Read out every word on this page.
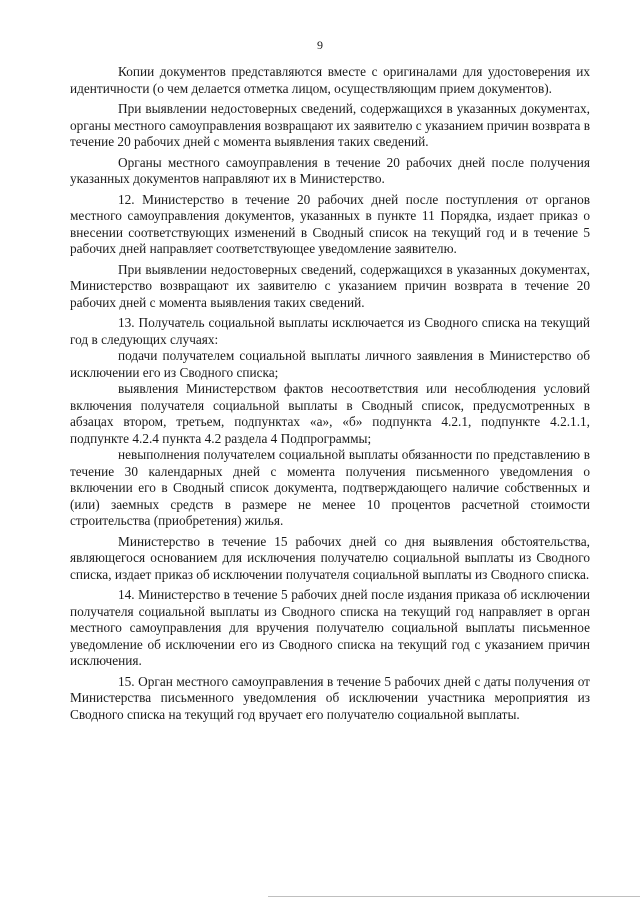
9

Копии документов представляются вместе с оригиналами для удостоверения их идентичности (о чем делается отметка лицом, осуществляющим прием документов).

При выявлении недостоверных сведений, содержащихся в указанных документах, органы местного самоуправления возвращают их заявителю с указанием причин возврата в течение 20 рабочих дней с момента выявления таких сведений.

Органы местного самоуправления в течение 20 рабочих дней после получения указанных документов направляют их в Министерство.

12. Министерство в течение 20 рабочих дней после поступления от органов местного самоуправления документов, указанных в пункте 11 Порядка, издает приказ о внесении соответствующих изменений в Сводный список на текущий год и в течение 5 рабочих дней направляет соответствующее уведомление заявителю.

При выявлении недостоверных сведений, содержащихся в указанных документах, Министерство возвращают их заявителю с указанием причин возврата в течение 20 рабочих дней с момента выявления таких сведений.

13. Получатель социальной выплаты исключается из Сводного списка на текущий год в следующих случаях:

подачи получателем социальной выплаты личного заявления в Министерство об исключении его из Сводного списка;

выявления Министерством фактов несоответствия или несоблюдения условий включения получателя социальной выплаты в Сводный список, предусмотренных в абзацах втором, третьем, подпунктах «а», «б» подпункта 4.2.1, подпункте 4.2.1.1, подпункте 4.2.4 пункта 4.2 раздела 4 Подпрограммы;

невыполнения получателем социальной выплаты обязанности по представлению в течение 30 календарных дней с момента получения письменного уведомления о включении его в Сводный список документа, подтверждающего наличие собственных и (или) заемных средств в размере не менее 10 процентов расчетной стоимости строительства (приобретения) жилья.

Министерство в течение 15 рабочих дней со дня выявления обстоятельства, являющегося основанием для исключения получателю социальной выплаты из Сводного списка, издает приказ об исключении получателя социальной выплаты из Сводного списка.

14. Министерство в течение 5 рабочих дней после издания приказа об исключении получателя социальной выплаты из Сводного списка на текущий год направляет в орган местного самоуправления для вручения получателю социальной выплаты письменное уведомление об исключении его из Сводного списка на текущий год с указанием причин исключения.

15. Орган местного самоуправления в течение 5 рабочих дней с даты получения от Министерства письменного уведомления об исключении участника мероприятия из Сводного списка на текущий год вручает его получателю социальной выплаты.
